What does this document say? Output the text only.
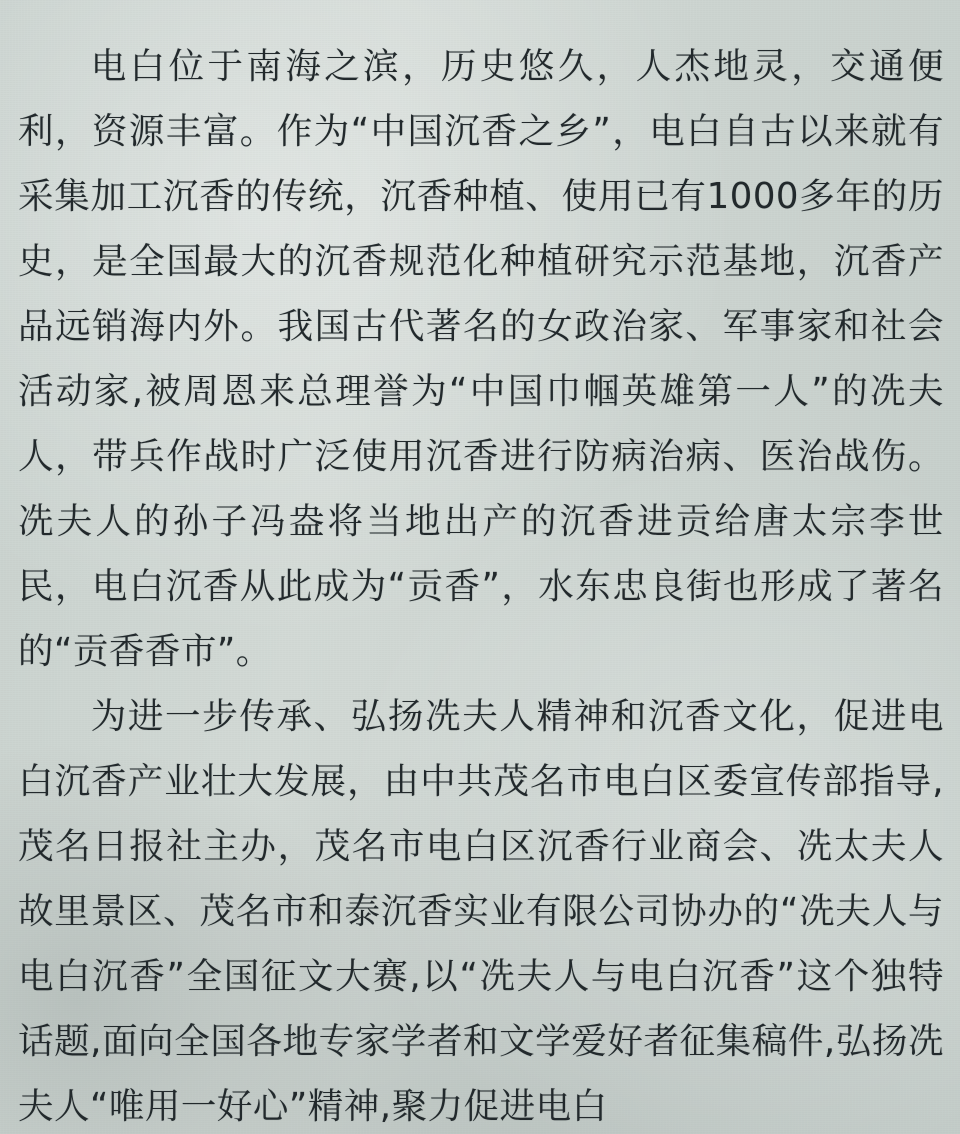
电白位于南海之滨，历史悠久，人杰地灵，交通便利，资源丰富。作为“中国沉香之乡”，电白自古以来就有采集加工沉香的传统，沉香种植、使用已有1000多年的历史，是全国最大的沉香规范化种植研究示范基地，沉香产品远销海内外。我国古代著名的女政治家、军事家和社会活动家,被周恩来总理誉为“中国巾帼英雄第一人”的冼夫人，带兵作战时广泛使用沉香进行防病治病、医治战伤。冼夫人的孙子冯盎将当地出产的沉香进贡给唐太宗李世民，电白沉香从此成为“贡香”，水东忠良街也形成了著名的“贡香香市”。

为进一步传承、弘扬冼夫人精神和沉香文化，促进电白沉香产业壮大发展，由中共茂名市电白区委宣传部指导,茂名日报社主办，茂名市电白区沉香行业商会、冼太夫人故里景区、茂名市和泰沉香实业有限公司协办的“冼夫人与电白沉香”全国征文大赛,以“冼夫人与电白沉香”这个独特话题,面向全国各地专家学者和文学爱好者征集稿件,弘扬冼夫人“唯用一好心”精神,聚力促进电白
